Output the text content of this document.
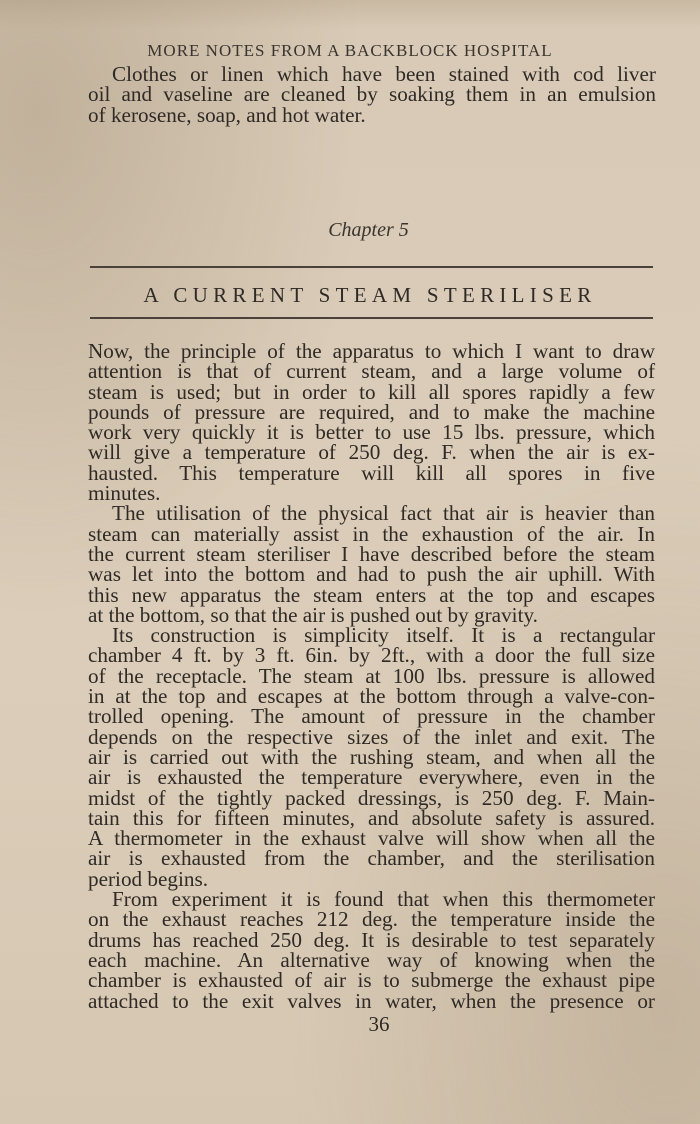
MORE NOTES FROM A BACKBLOCK HOSPITAL
Clothes or linen which have been stained with cod liver
oil and vaseline are cleaned by soaking them in an emulsion
of kerosene, soap, and hot water.
Chapter 5
A CURRENT STEAM STERILISER
Now, the principle of the apparatus to which I want to draw
attention is that of current steam, and a large volume of
steam is used; but in order to kill all spores rapidly a few
pounds of pressure are required, and to make the machine
work very quickly it is better to use 15 lbs. pressure, which
will give a temperature of 250 deg. F. when the air is ex-
hausted. This temperature will kill all spores in five
minutes.
The utilisation of the physical fact that air is heavier than
steam can materially assist in the exhaustion of the air. In
the current steam steriliser I have described before the steam
was let into the bottom and had to push the air uphill. With
this new apparatus the steam enters at the top and escapes
at the bottom, so that the air is pushed out by gravity.
Its construction is simplicity itself. It is a rectangular
chamber 4 ft. by 3 ft. 6in. by 2ft., with a door the full size
of the receptacle. The steam at 100 lbs. pressure is allowed
in at the top and escapes at the bottom through a valve-con-
trolled opening. The amount of pressure in the chamber
depends on the respective sizes of the inlet and exit. The
air is carried out with the rushing steam, and when all the
air is exhausted the temperature everywhere, even in the
midst of the tightly packed dressings, is 250 deg. F. Main-
tain this for fifteen minutes, and absolute safety is assured.
A thermometer in the exhaust valve will show when all the
air is exhausted from the chamber, and the sterilisation
period begins.
From experiment it is found that when this thermometer
on the exhaust reaches 212 deg. the temperature inside the
drums has reached 250 deg. It is desirable to test separately
each machine. An alternative way of knowing when the
chamber is exhausted of air is to submerge the exhaust pipe
attached to the exit valves in water, when the presence or
36
